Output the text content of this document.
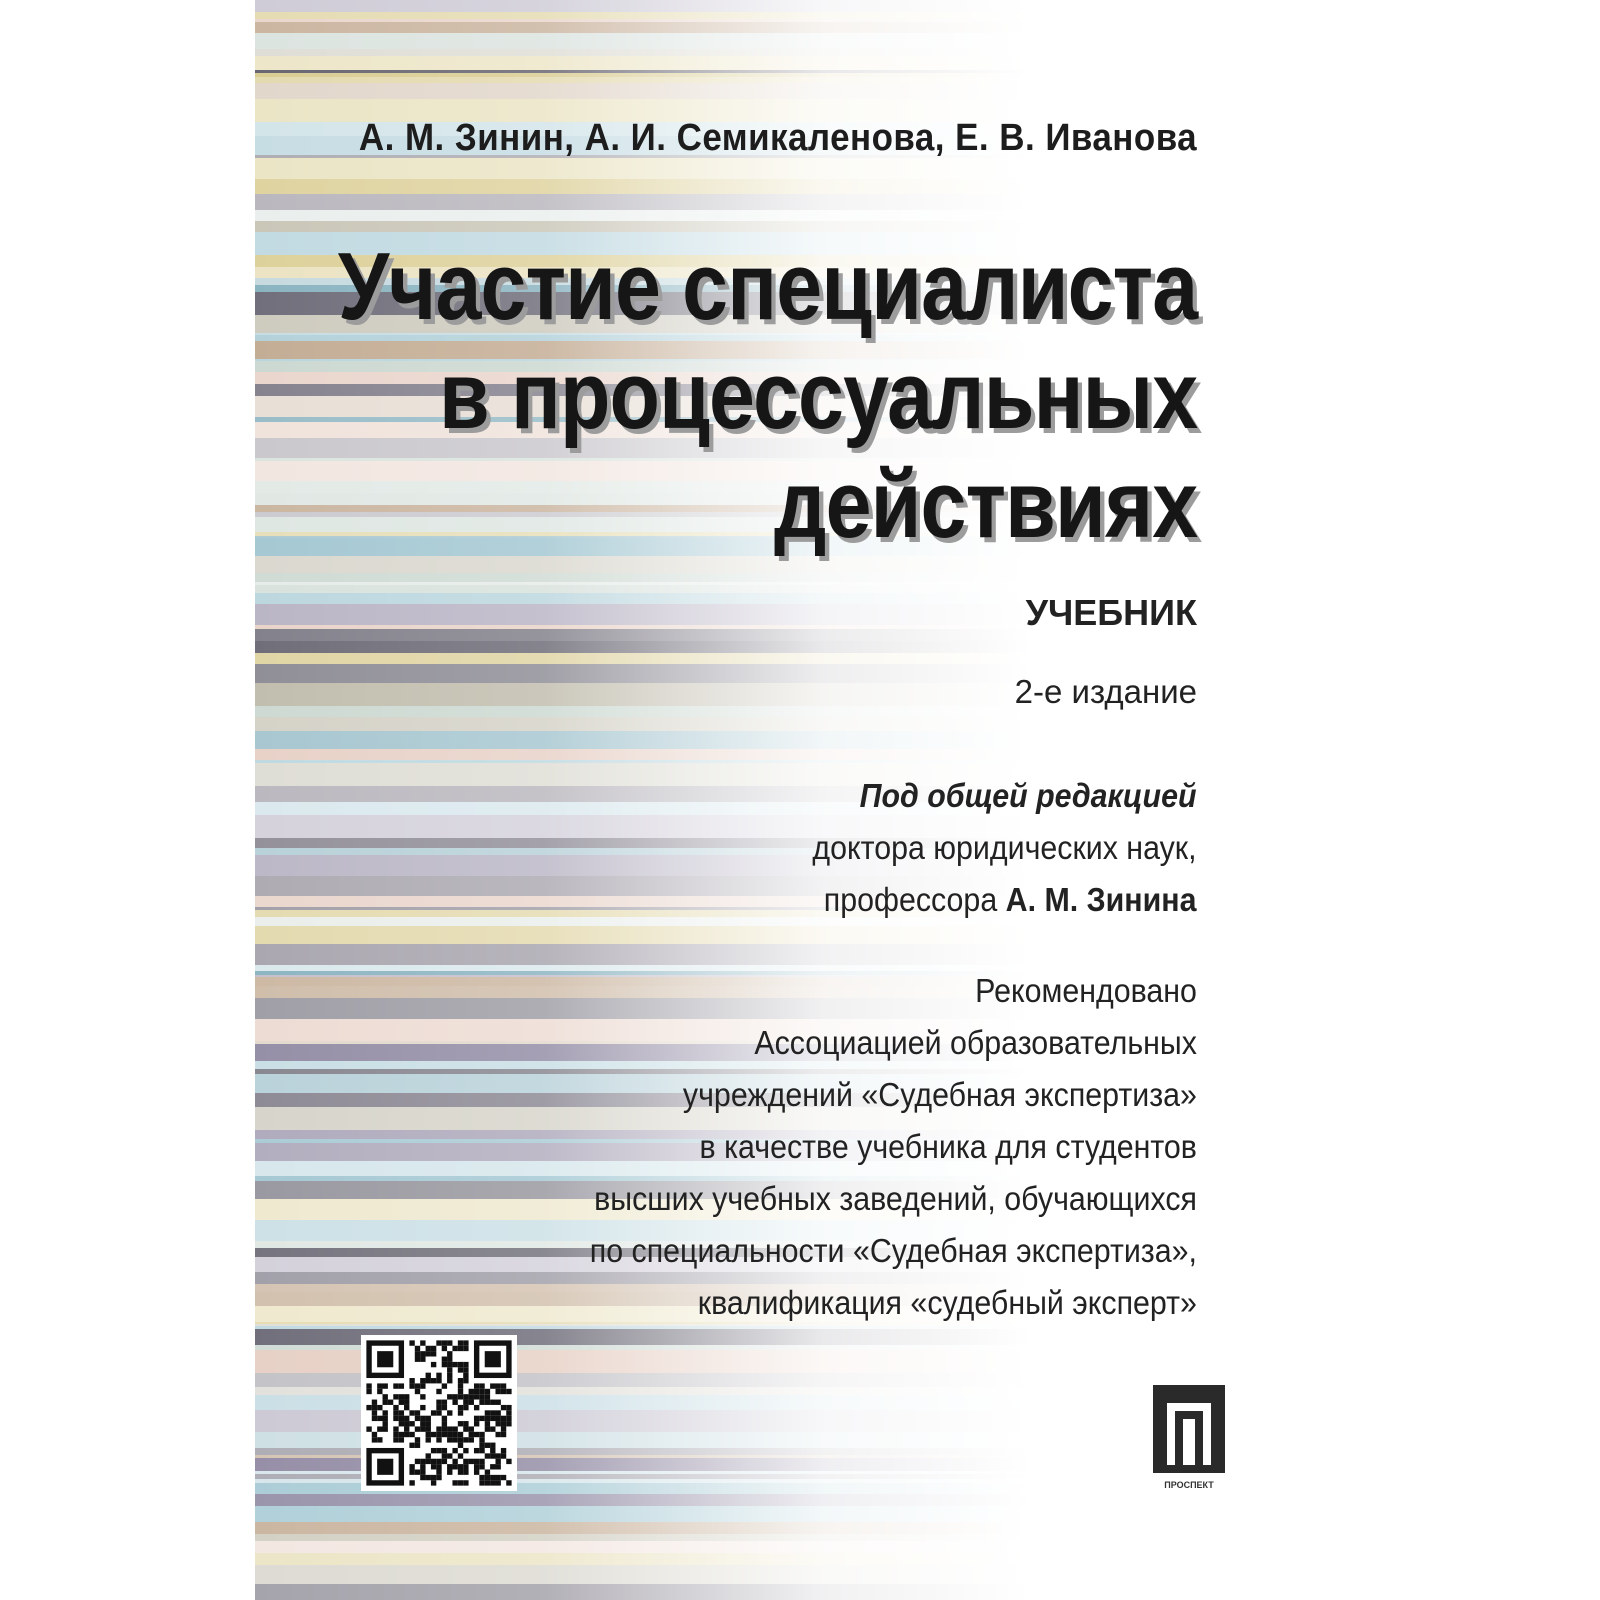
А. М. Зинин, А. И. Семикаленова, Е. В. Иванова
Участие специалиста
в процессуальных
действиях
УЧЕБНИК
2-е издание
Под общей редакцией
доктора юридических наук,
профессора А. М. Зинина
Рекомендовано
Ассоциацией образовательных
учреждений «Судебная экспертиза»
в качестве учебника для студентов
высших учебных заведений, обучающихся
по специальности «Судебная экспертиза»,
квалификация «судебный эксперт»
ПРОСПЕКТ
